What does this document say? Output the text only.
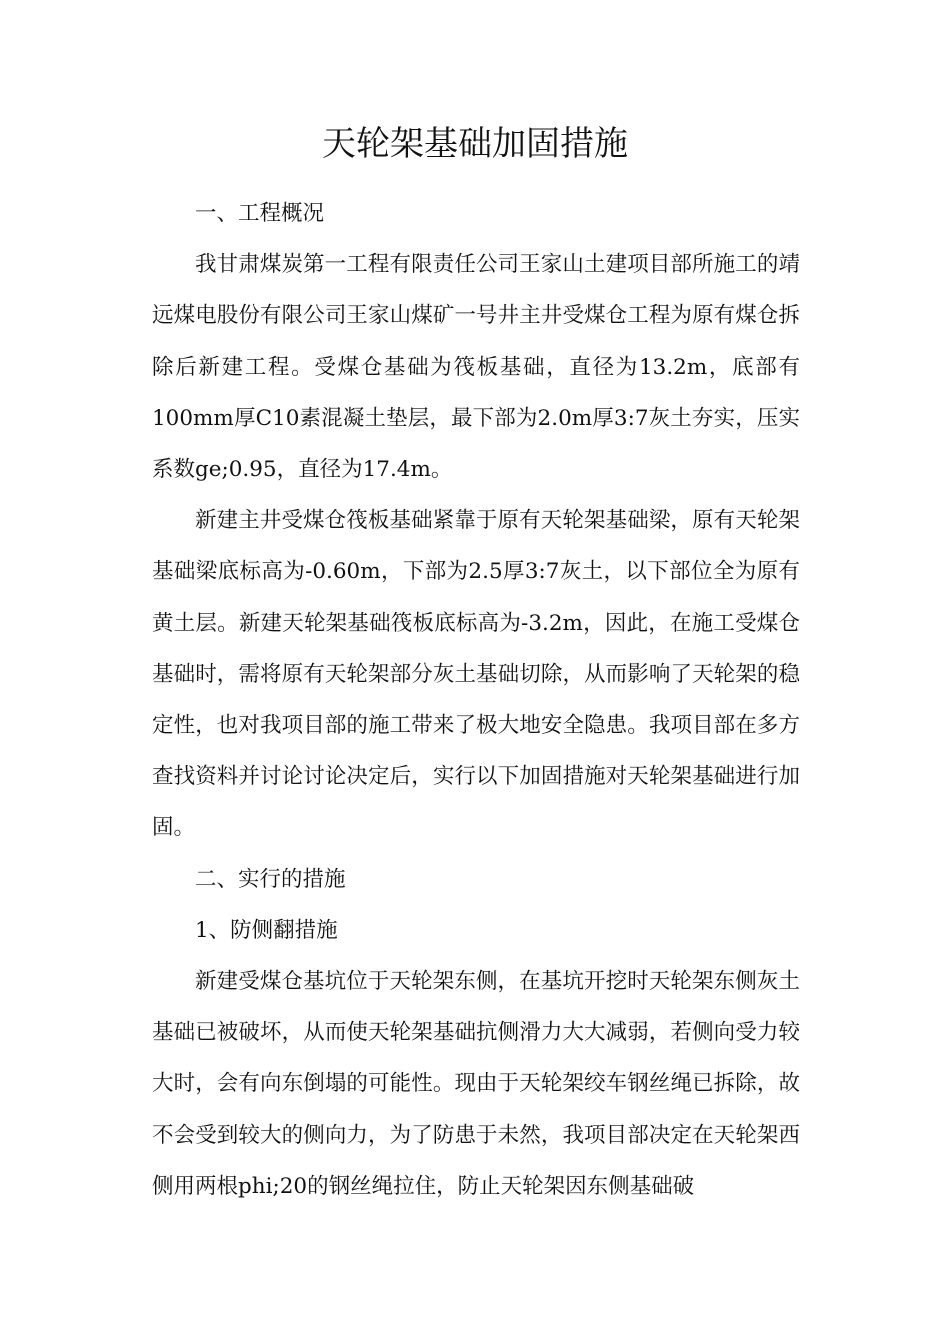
天轮架基础加固措施

一、工程概况

我甘肃煤炭第一工程有限责任公司王家山土建项目部所施工的靖远煤电股份有限公司王家山煤矿一号井主井受煤仓工程为原有煤仓拆除后新建工程。受煤仓基础为筏板基础，直径为13.2m，底部有100mm厚C10素混凝土垫层，最下部为2.0m厚3:7灰土夯实，压实系数ge;0.95，直径为17.4m。

新建主井受煤仓筏板基础紧靠于原有天轮架基础梁，原有天轮架基础梁底标高为-0.60m，下部为2.5厚3:7灰土，以下部位全为原有黄土层。新建天轮架基础筏板底标高为-3.2m，因此，在施工受煤仓基础时，需将原有天轮架部分灰土基础切除，从而影响了天轮架的稳定性，也对我项目部的施工带来了极大地安全隐患。我项目部在多方查找资料并讨论讨论决定后，实行以下加固措施对天轮架基础进行加固。

二、实行的措施

1、防侧翻措施

新建受煤仓基坑位于天轮架东侧，在基坑开挖时天轮架东侧灰土基础已被破坏，从而使天轮架基础抗侧滑力大大减弱，若侧向受力较大时，会有向东倒塌的可能性。现由于天轮架绞车钢丝绳已拆除，故不会受到较大的侧向力，为了防患于未然，我项目部决定在天轮架西侧用两根phi;20的钢丝绳拉住，防止天轮架因东侧基础破
